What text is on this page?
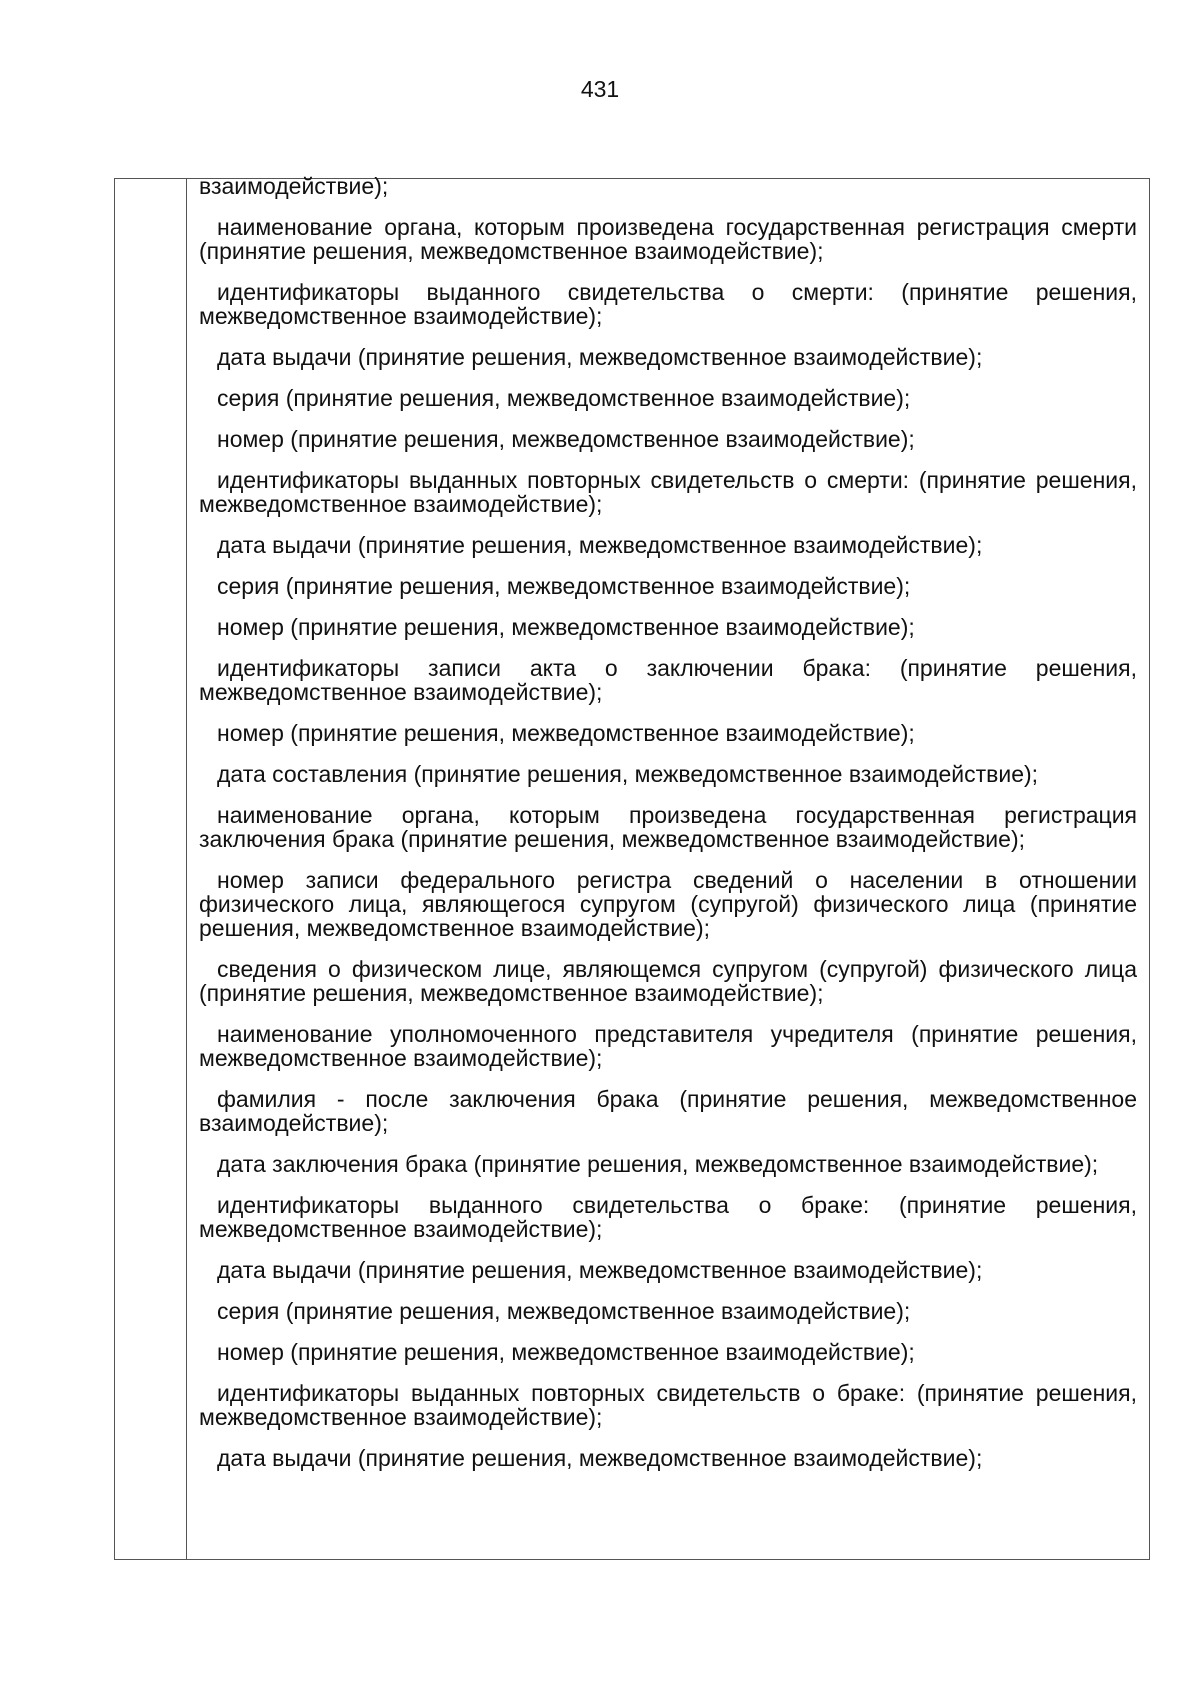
431

взаимодействие);

наименование органа, которым произведена государственная регистрация смерти (принятие решения, межведомственное взаимодействие);

идентификаторы выданного свидетельства о смерти: (принятие решения, межведомственное взаимодействие);

дата выдачи (принятие решения, межведомственное взаимодействие);

серия (принятие решения, межведомственное взаимодействие);

номер (принятие решения, межведомственное взаимодействие);

идентификаторы выданных повторных свидетельств о смерти: (принятие решения, межведомственное взаимодействие);

дата выдачи (принятие решения, межведомственное взаимодействие);

серия (принятие решения, межведомственное взаимодействие);

номер (принятие решения, межведомственное взаимодействие);

идентификаторы записи акта о заключении брака: (принятие решения, межведомственное взаимодействие);

номер (принятие решения, межведомственное взаимодействие);

дата составления (принятие решения, межведомственное взаимодействие);

наименование органа, которым произведена государственная регистрация заключения брака (принятие решения, межведомственное взаимодействие);

номер записи федерального регистра сведений о населении в отношении физического лица, являющегося супругом (супругой) физического лица (принятие решения, межведомственное взаимодействие);

сведения о физическом лице, являющемся супругом (супругой) физического лица (принятие решения, межведомственное взаимодействие);

наименование уполномоченного представителя учредителя (принятие решения, межведомственное взаимодействие);

фамилия - после заключения брака (принятие решения, межведомственное взаимодействие);

дата заключения брака (принятие решения, межведомственное взаимодействие);

идентификаторы выданного свидетельства о браке: (принятие решения, межведомственное взаимодействие);

дата выдачи (принятие решения, межведомственное взаимодействие);

серия (принятие решения, межведомственное взаимодействие);

номер (принятие решения, межведомственное взаимодействие);

идентификаторы выданных повторных свидетельств о браке: (принятие решения, межведомственное взаимодействие);

дата выдачи (принятие решения, межведомственное взаимодействие);
